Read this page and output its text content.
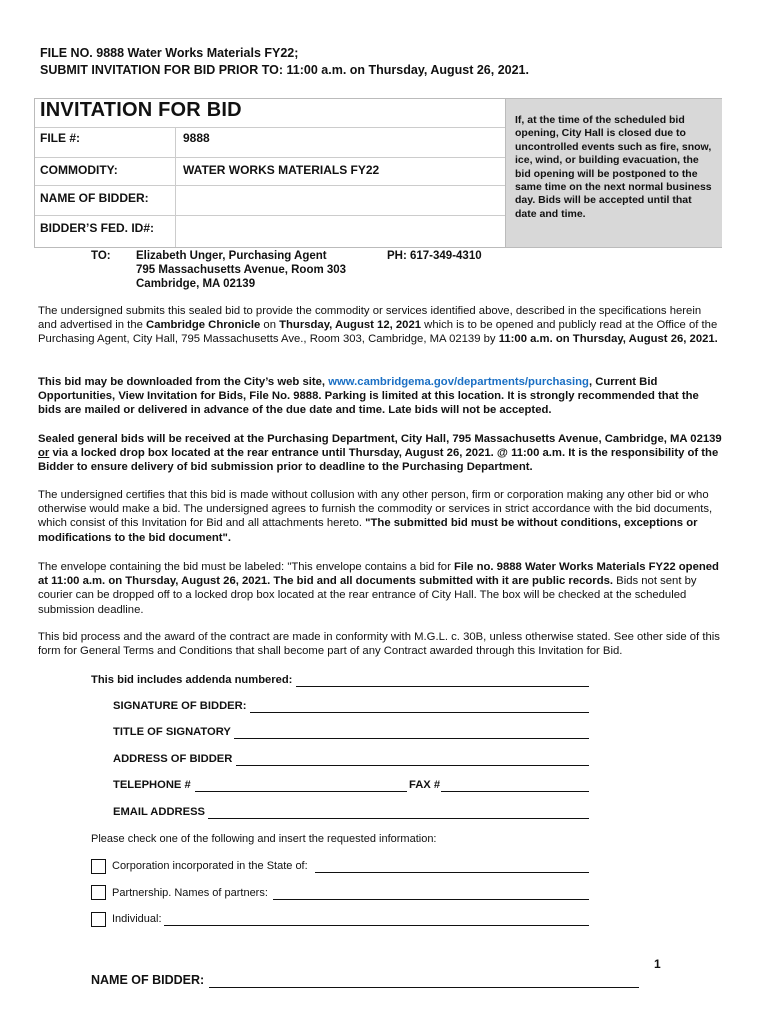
FILE NO. 9888 Water Works Materials FY22;
SUBMIT INVITATION FOR BID PRIOR TO: 11:00 a.m. on Thursday, August 26, 2021.
INVITATION FOR BID
FILE #:	9888
COMMODITY:	WATER WORKS MATERIALS FY22
NAME OF BIDDER:
BIDDER’S FED. ID#:
If, at the time of the scheduled bid opening, City Hall is closed due to uncontrolled events such as fire, snow, ice, wind, or building evacuation, the bid opening will be postponed to the same time on the next normal business day. Bids will be accepted until that date and time.
TO: Elizabeth Unger, Purchasing Agent
795 Massachusetts Avenue, Room 303
Cambridge, MA 02139
PH: 617-349-4310
The undersigned submits this sealed bid to provide the commodity or services identified above, described in the specifications herein and advertised in the Cambridge Chronicle on Thursday, August 12, 2021 which is to be opened and publicly read at the Office of the Purchasing Agent, City Hall, 795 Massachusetts Ave., Room 303, Cambridge, MA 02139 by 11:00 a.m. on Thursday, August 26, 2021.
This bid may be downloaded from the City’s web site, www.cambridgema.gov/departments/purchasing, Current Bid Opportunities, View Invitation for Bids, File No. 9888. Parking is limited at this location. It is strongly recommended that the bids are mailed or delivered in advance of the due date and time. Late bids will not be accepted.
Sealed general bids will be received at the Purchasing Department, City Hall, 795 Massachusetts Avenue, Cambridge, MA 02139 or via a locked drop box located at the rear entrance until Thursday, August 26, 2021. @ 11:00 a.m. It is the responsibility of the Bidder to ensure delivery of bid submission prior to deadline to the Purchasing Department.
The undersigned certifies that this bid is made without collusion with any other person, firm or corporation making any other bid or who otherwise would make a bid. The undersigned agrees to furnish the commodity or services in strict accordance with the bid documents, which consist of this Invitation for Bid and all attachments hereto. "The submitted bid must be without conditions, exceptions or modifications to the bid document".
The envelope containing the bid must be labeled: "This envelope contains a bid for File no. 9888 Water Works Materials FY22 opened at 11:00 a.m. on Thursday, August 26, 2021. The bid and all documents submitted with it are public records. Bids not sent by courier can be dropped off to a locked drop box located at the rear entrance of City Hall. The box will be checked at the scheduled submission deadline.
This bid process and the award of the contract are made in conformity with M.G.L. c. 30B, unless otherwise stated. See other side of this form for General Terms and Conditions that shall become part of any Contract awarded through this Invitation for Bid.
This bid includes addenda numbered:
SIGNATURE OF BIDDER:
TITLE OF SIGNATORY
ADDRESS OF BIDDER
TELEPHONE #	FAX #
EMAIL ADDRESS
Please check one of the following and insert the requested information:
Corporation incorporated in the State of:
Partnership. Names of partners:
Individual:
1
NAME OF BIDDER:
